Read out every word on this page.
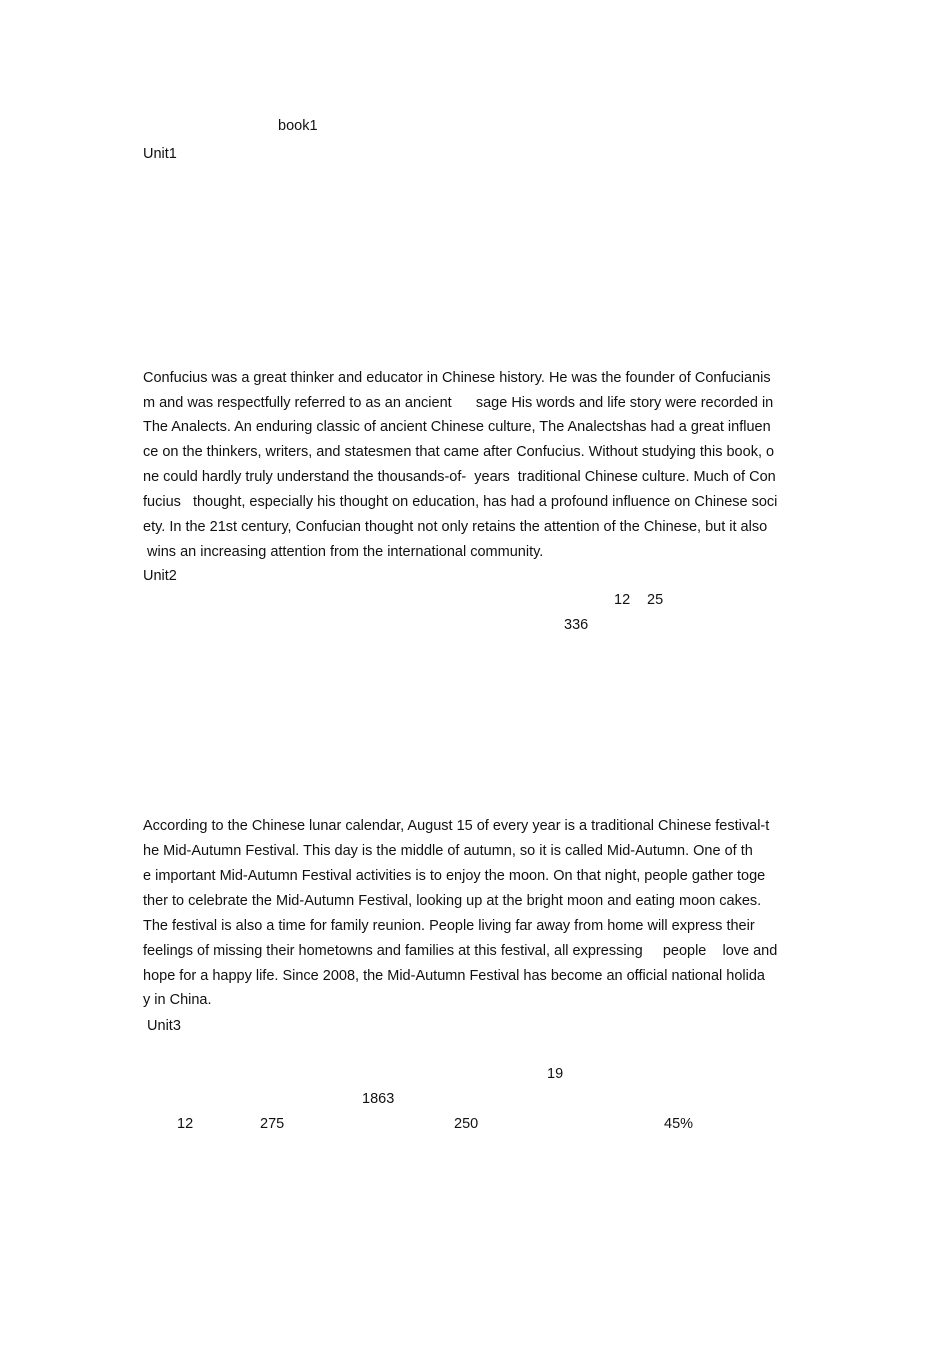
book1
Unit1
Confucius was a great thinker and educator in Chinese history. He was the founder of Confucianis
m and was respectfully referred to as an ancient      sage His words and life story were recorded in
The Analects. An enduring classic of ancient Chinese culture, The Analectshas had a great influen
ce on the thinkers, writers, and statesmen that came after Confucius. Without studying this book, o
ne could hardly truly understand the thousands-of-  years  traditional Chinese culture. Much of Con
fucius   thought, especially his thought on education, has had a profound influence on Chinese soci
ety. In the 21st century, Confucian thought not only retains the attention of the Chinese, but it also
wins an increasing attention from the international community.
Unit2
12 25
336
According to the Chinese lunar calendar, August 15 of every year is a traditional Chinese festival-t
he Mid-Autumn Festival. This day is the middle of autumn, so it is called Mid-Autumn. One of th
e important Mid-Autumn Festival activities is to enjoy the moon. On that night, people gather toge
ther to celebrate the Mid-Autumn Festival, looking up at the bright moon and eating moon cakes.
The festival is also a time for family reunion. People living far away from home will express their
feelings of missing their hometowns and families at this festival, all expressing     people    love and
hope for a happy life. Since 2008, the Mid-Autumn Festival has become an official national holida
y in China.
Unit3
19
1863
12	275	250	45%
